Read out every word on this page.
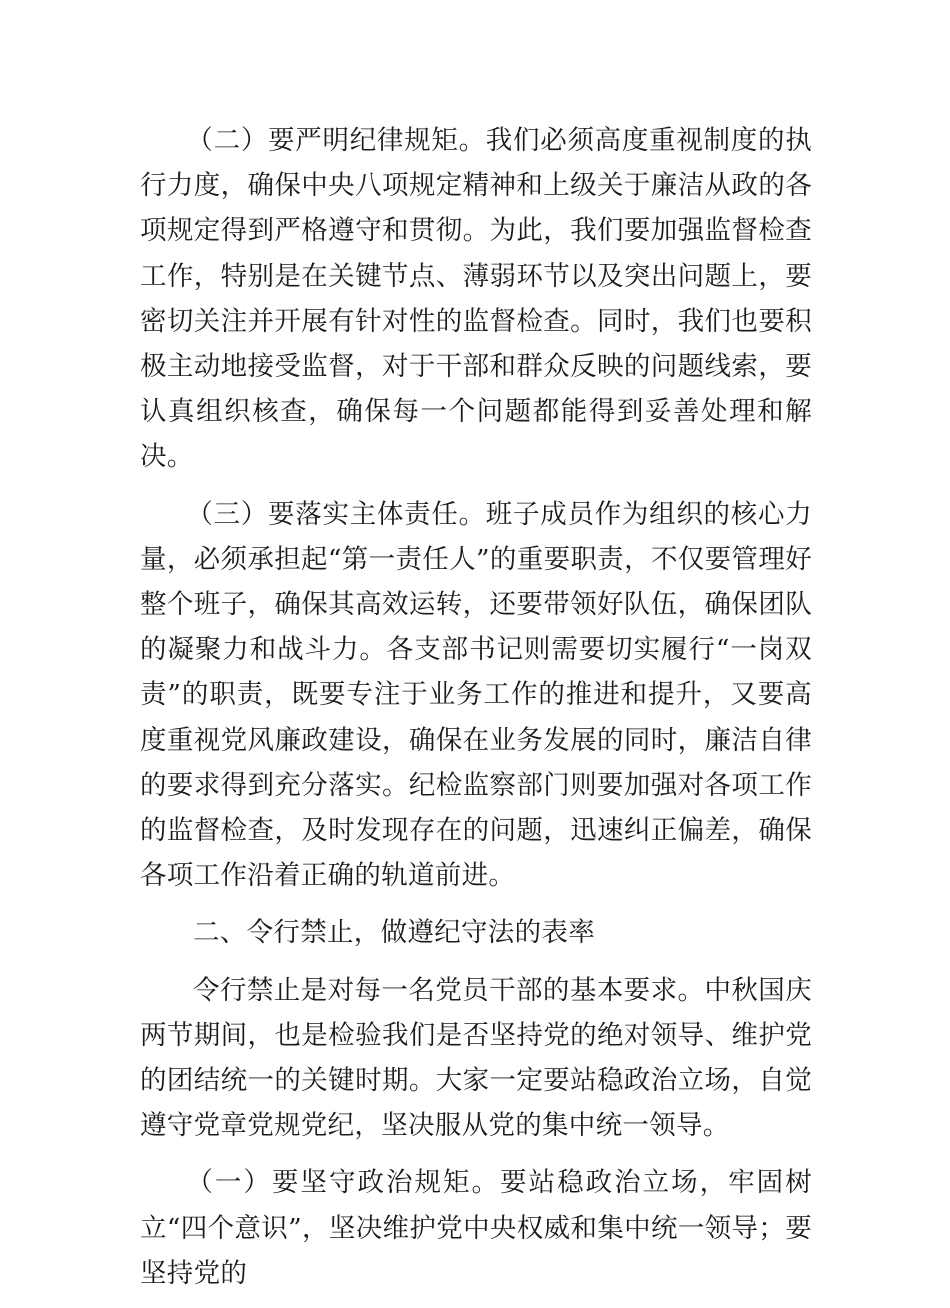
（二）要严明纪律规矩。我们必须高度重视制度的执行力度，确保中央八项规定精神和上级关于廉洁从政的各项规定得到严格遵守和贯彻。为此，我们要加强监督检查工作，特别是在关键节点、薄弱环节以及突出问题上，要密切关注并开展有针对性的监督检查。同时，我们也要积极主动地接受监督，对于干部和群众反映的问题线索，要认真组织核查，确保每一个问题都能得到妥善处理和解决。

（三）要落实主体责任。班子成员作为组织的核心力量，必须承担起“第一责任人”的重要职责，不仅要管理好整个班子，确保其高效运转，还要带领好队伍，确保团队的凝聚力和战斗力。各支部书记则需要切实履行“一岗双责”的职责，既要专注于业务工作的推进和提升，又要高度重视党风廉政建设，确保在业务发展的同时，廉洁自律的要求得到充分落实。纪检监察部门则要加强对各项工作的监督检查，及时发现存在的问题，迅速纠正偏差，确保各项工作沿着正确的轨道前进。

二、令行禁止，做遵纪守法的表率

令行禁止是对每一名党员干部的基本要求。中秋国庆两节期间，也是检验我们是否坚持党的绝对领导、维护党的团结统一的关键时期。大家一定要站稳政治立场，自觉遵守党章党规党纪，坚决服从党的集中统一领导。

（一）要坚守政治规矩。要站稳政治立场，牢固树立“四个意识”，坚决维护党中央权威和集中统一领导；要坚持党的
